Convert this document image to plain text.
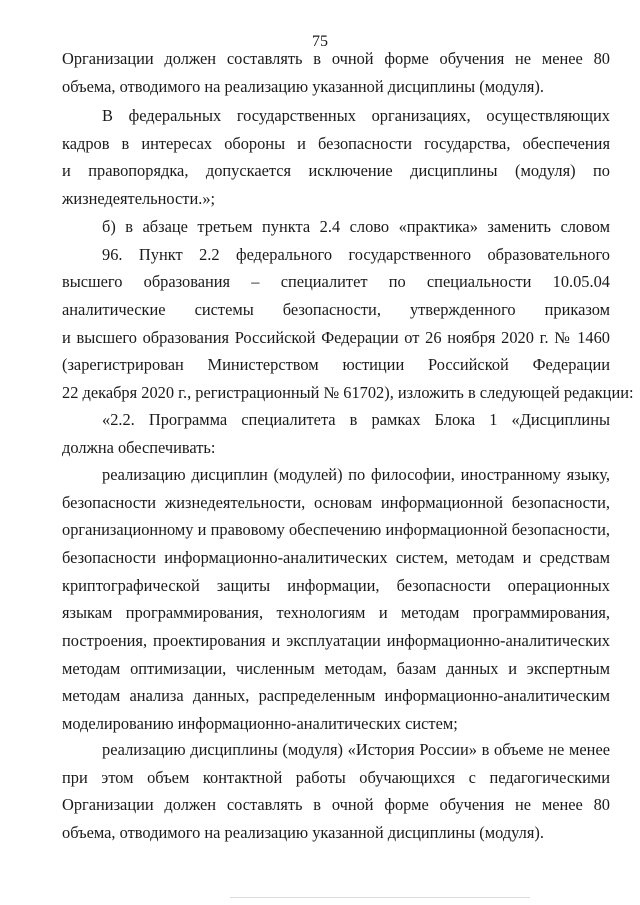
75
Организации должен составлять в очной форме обучения не менее 80
объема, отводимого на реализацию указанной дисциплины (модуля).
В федеральных государственных организациях, осуществляющих
кадров в интересах обороны и безопасности государства, обеспечения
и правопорядка, допускается исключение дисциплины (модуля) по
жизнедеятельности.»;
б) в абзаце третьем пункта 2.4 слово «практика» заменить словом
96. Пункт 2.2 федерального государственного образовательного
высшего образования – специалитет по специальности 10.05.04
аналитические системы безопасности, утвержденного приказом
и высшего образования Российской Федерации от 26 ноября 2020 г. № 1460
(зарегистрирован Министерством юстиции Российской Федерации
22 декабря 2020 г., регистрационный № 61702), изложить в следующей редакции:
«2.2. Программа специалитета в рамках Блока 1 «Дисциплины
должна обеспечивать:
реализацию дисциплин (модулей) по философии, иностранному языку,
безопасности жизнедеятельности, основам информационной безопасности,
организационному и правовому обеспечению информационной безопасности,
безопасности информационно-аналитических систем, методам и средствам
криптографической защиты информации, безопасности операционных
языкам программирования, технологиям и методам программирования,
построения, проектирования и эксплуатации информационно-аналитических
методам оптимизации, численным методам, базам данных и экспертным
методам анализа данных, распределенным информационно-аналитическим
моделированию информационно-аналитических систем;
реализацию дисциплины (модуля) «История России» в объеме не менее
при этом объем контактной работы обучающихся с педагогическими
Организации должен составлять в очной форме обучения не менее 80
объема, отводимого на реализацию указанной дисциплины (модуля).
